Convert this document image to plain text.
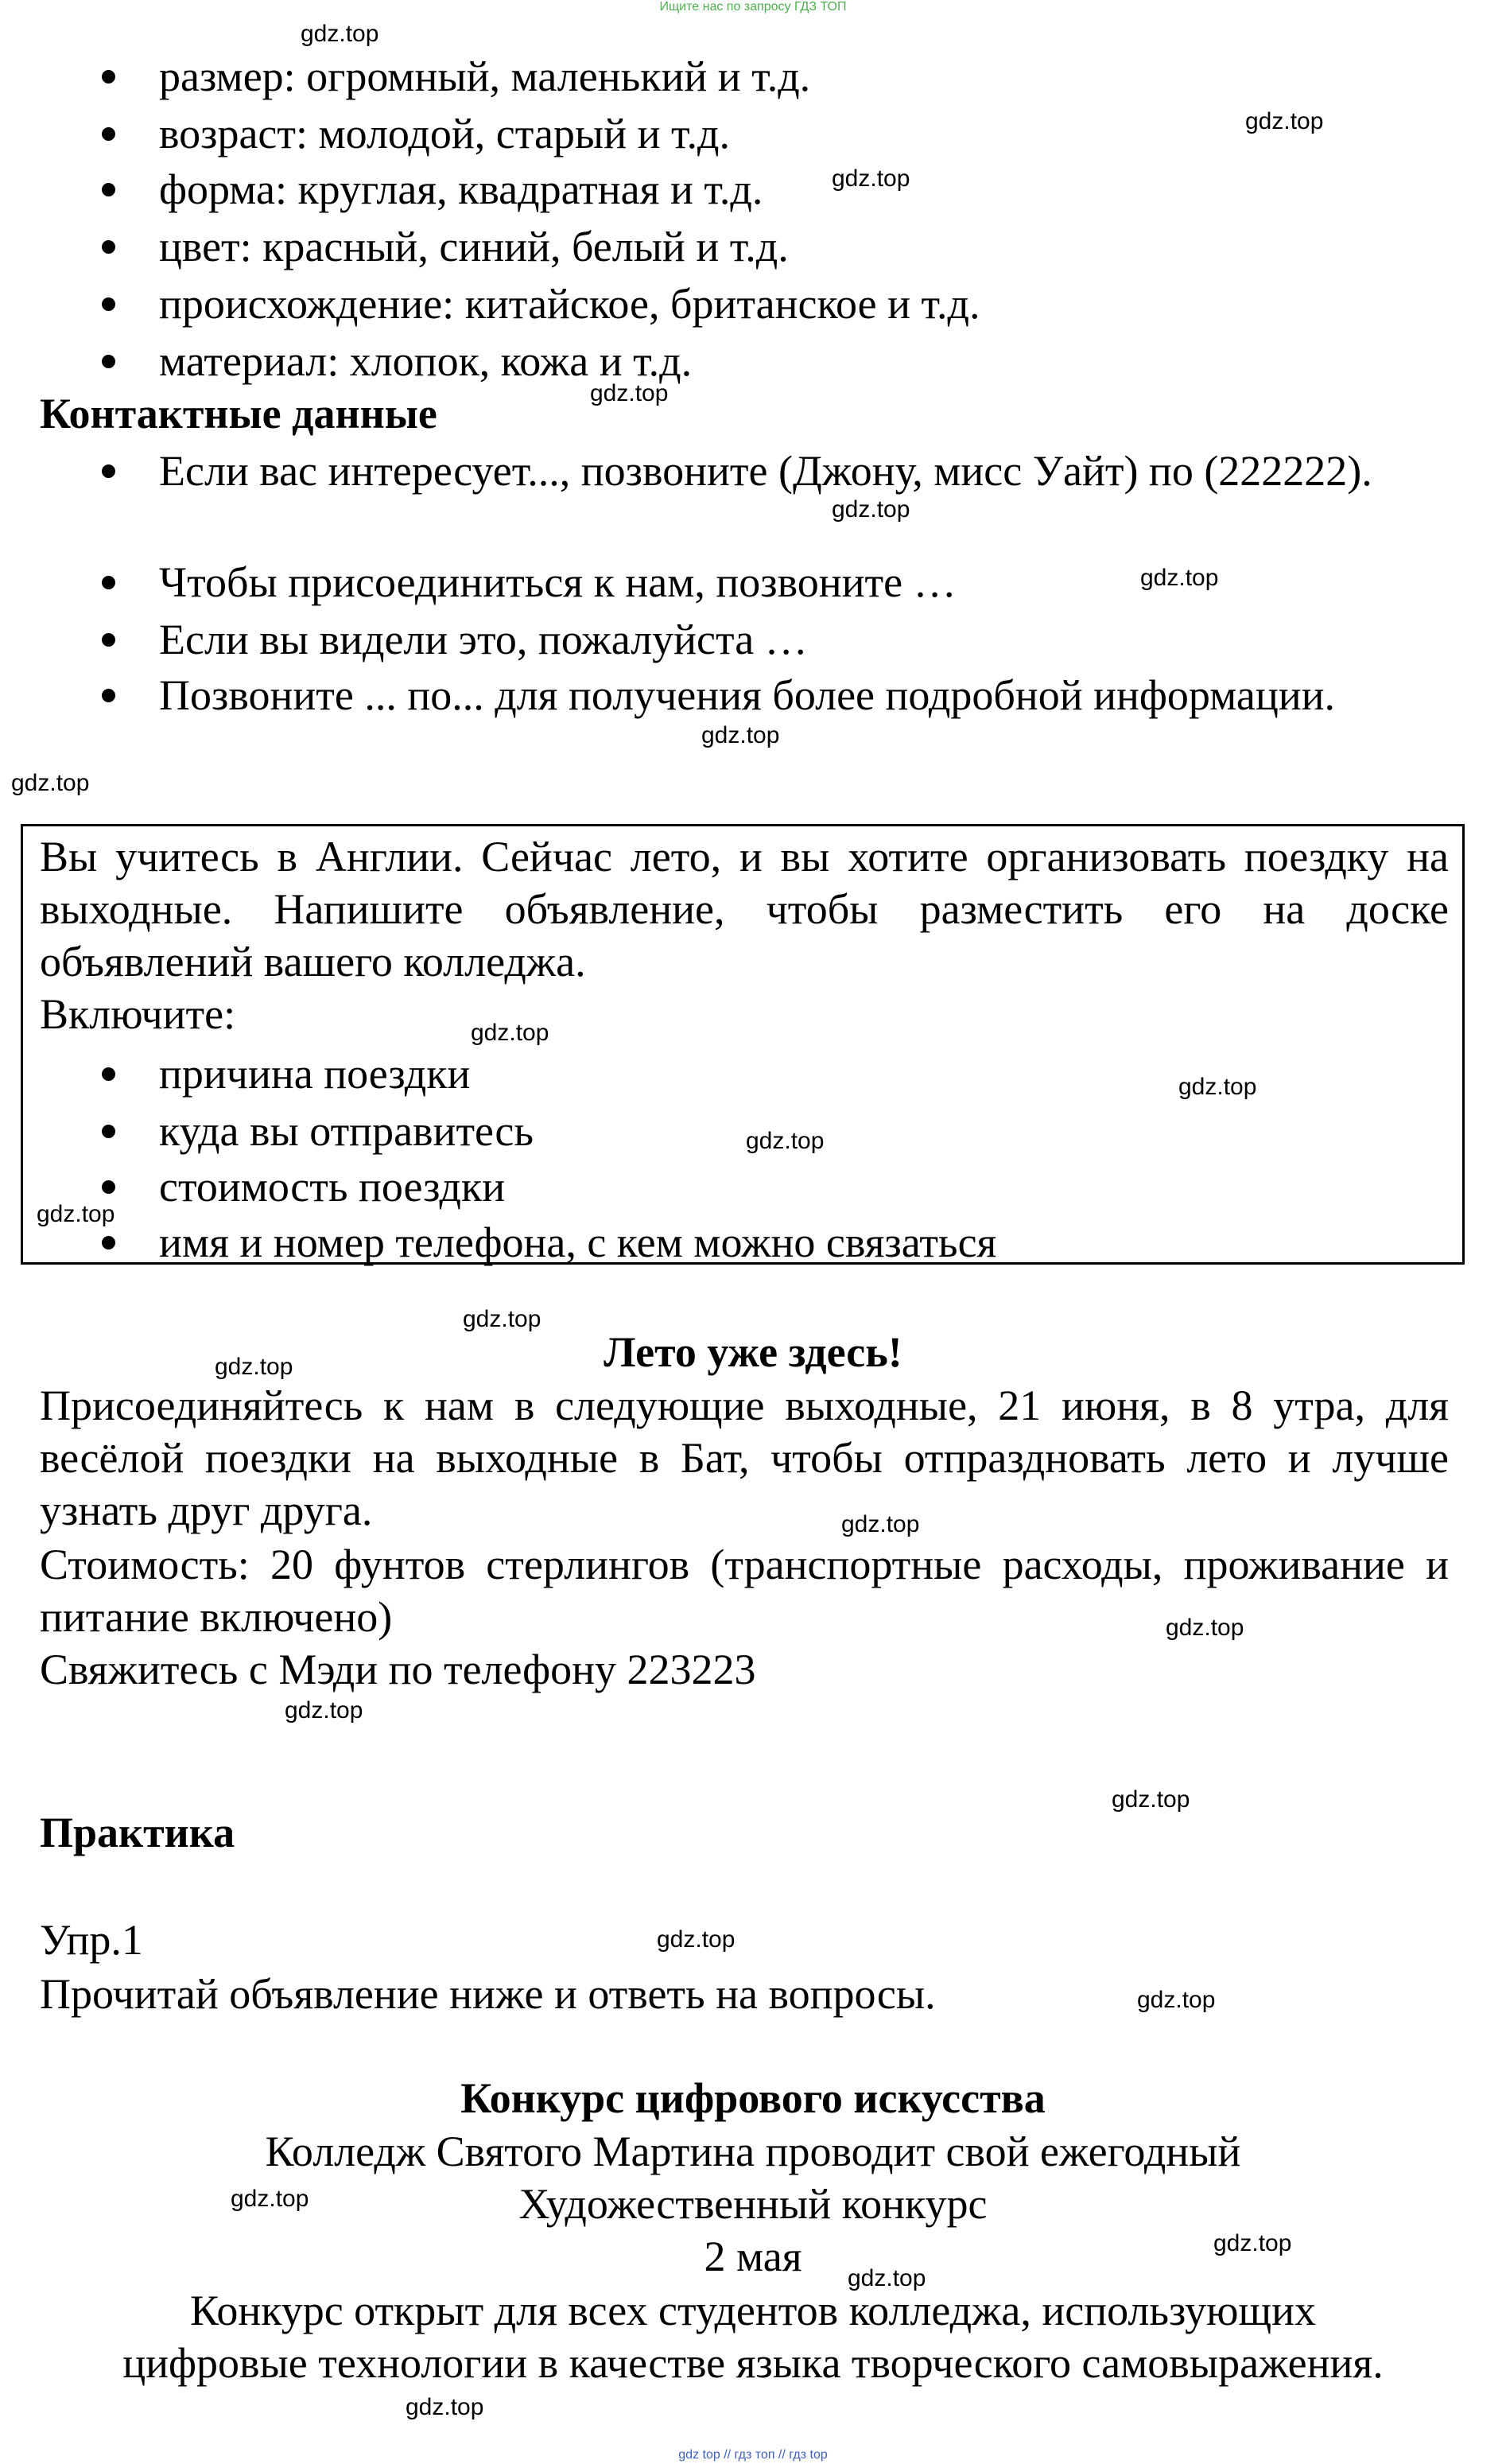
Ищите нас по запросу ГДЗ ТОП
gdz top // гдз топ // гдз top
gdz.top
gdz.top
gdz.top
gdz.top
gdz.top
gdz.top
gdz.top
gdz.top
gdz.top
gdz.top
gdz.top
gdz.top
gdz.top
gdz.top
gdz.top
gdz.top
gdz.top
gdz.top
gdz.top
gdz.top
gdz.top
gdz.top
gdz.top
gdz.top

размер: огромный, маленький и т.д.

возраст: молодой, старый и т.д.

форма: круглая, квадратная и т.д.

цвет: красный, синий, белый и т.д.

происхождение: китайское, британское и т.д.

материал: хлопок, кожа и т.д.

Контактные данные

Если вас интересует..., позвоните (Джону, мисс Уайт) по (222222).

Чтобы присоединиться к нам, позвоните …

Если вы видели это, пожалуйста …

Позвоните ... по... для получения более подробной информации.

Вы учитесь в Англии. Сейчас лето, и вы хотите организовать поездку на выходные. Напишите объявление, чтобы разместить его на доске объявлений вашего колледжа.

Включите:

причина поездки

куда вы отправитесь

стоимость поездки

имя и номер телефона, с кем можно связаться

Лето уже здесь!

Присоединяйтесь к нам в следующие выходные, 21 июня, в 8 утра, для весёлой поездки на выходные в Бат, чтобы отпраздновать лето и лучше узнать друг друга.

Стоимость: 20 фунтов стерлингов (транспортные расходы, проживание и питание включено)

Свяжитесь с Мэди по телефону 223223

Практика

Упр.1

Прочитай объявление ниже и ответь на вопросы.

Конкурс цифрового искусства

Колледж Святого Мартина проводит свой ежегодный

Художественный конкурс

2 мая

Конкурс открыт для всех студентов колледжа, использующих

цифровые технологии в качестве языка творческого самовыражения.
